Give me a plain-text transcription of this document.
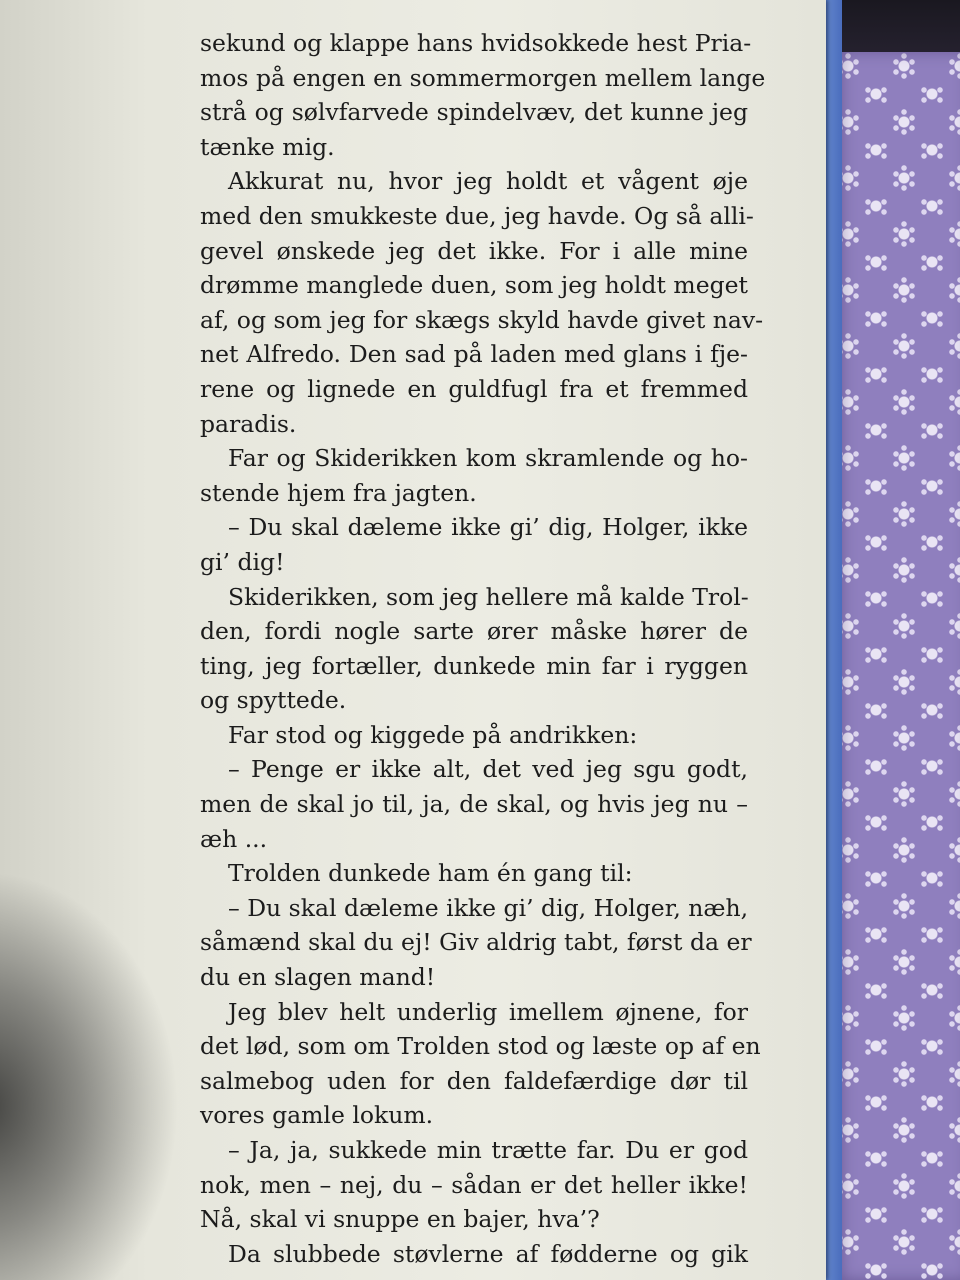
sekund og klappe hans hvidsokkede hest Pria-
mos på engen en sommermorgen mellem lange
strå og sølvfarvede spindelvæv, det kunne jeg
tænke mig.
Akkurat nu, hvor jeg holdt et vågent øje
med den smukkeste due, jeg havde. Og så alli-
gevel ønskede jeg det ikke. For i alle mine
drømme manglede duen, som jeg holdt meget
af, og som jeg for skægs skyld havde givet nav-
net Alfredo. Den sad på laden med glans i fje-
rene og lignede en guldfugl fra et fremmed
paradis.
Far og Skiderikken kom skramlende og ho-
stende hjem fra jagten.
– Du skal dæleme ikke gi’ dig, Holger, ikke
gi’ dig!
Skiderikken, som jeg hellere må kalde Trol-
den, fordi nogle sarte ører måske hører de
ting, jeg fortæller, dunkede min far i ryggen
og spyttede.
Far stod og kiggede på andrikken:
– Penge er ikke alt, det ved jeg sgu godt,
men de skal jo til, ja, de skal, og hvis jeg nu –
æh ...
Trolden dunkede ham én gang til:
– Du skal dæleme ikke gi’ dig, Holger, næh,
såmænd skal du ej! Giv aldrig tabt, først da er
du en slagen mand!
Jeg blev helt underlig imellem øjnene, for
det lød, som om Trolden stod og læste op af en
salmebog uden for den faldefærdige dør til
vores gamle lokum.
– Ja, ja, sukkede min trætte far. Du er god
nok, men – nej, du – sådan er det heller ikke!
Nå, skal vi snuppe en bajer, hva’?
Da slubbede støvlerne af fødderne og gik
